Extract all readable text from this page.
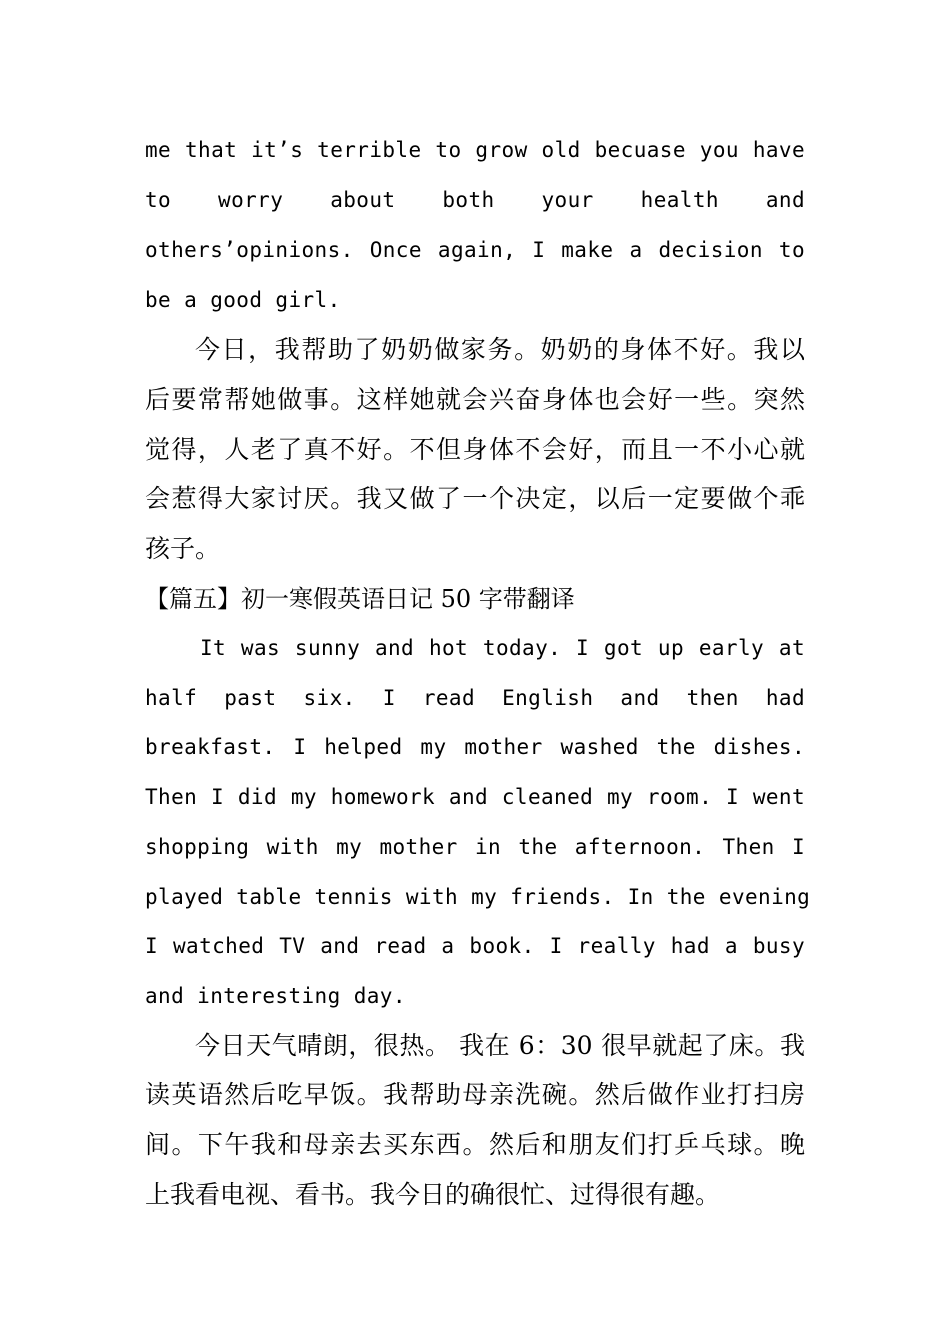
me that it’s terrible to grow old becuase you have

to worry about both your health and

others’opinions. Once again, I make a decision to

be a good girl.

今日，我帮助了奶奶做家务。奶奶的身体不好。我以

后要常帮她做事。这样她就会兴奋身体也会好一些。突然

觉得，人老了真不好。不但身体不会好，而且一不小心就

会惹得大家讨厌。我又做了一个决定，以后一定要做个乖

孩子。

【篇五】初一寒假英语日记 50 字带翻译

It was sunny and hot today. I got up early at

half past six. I read English and then had

breakfast. I helped my mother washed the dishes.

Then I did my homework and cleaned my room. I went

shopping with my mother in the afternoon. Then I

played table tennis with my friends. In the evening

I watched TV and read a book. I really had a busy

and interesting day.

今日天气晴朗，很热。 我在 6：30 很早就起了床。我

读英语然后吃早饭。我帮助母亲洗碗。然后做作业打扫房

间。下午我和母亲去买东西。然后和朋友们打乒乓球。晚

上我看电视、看书。我今日的确很忙、过得很有趣。
